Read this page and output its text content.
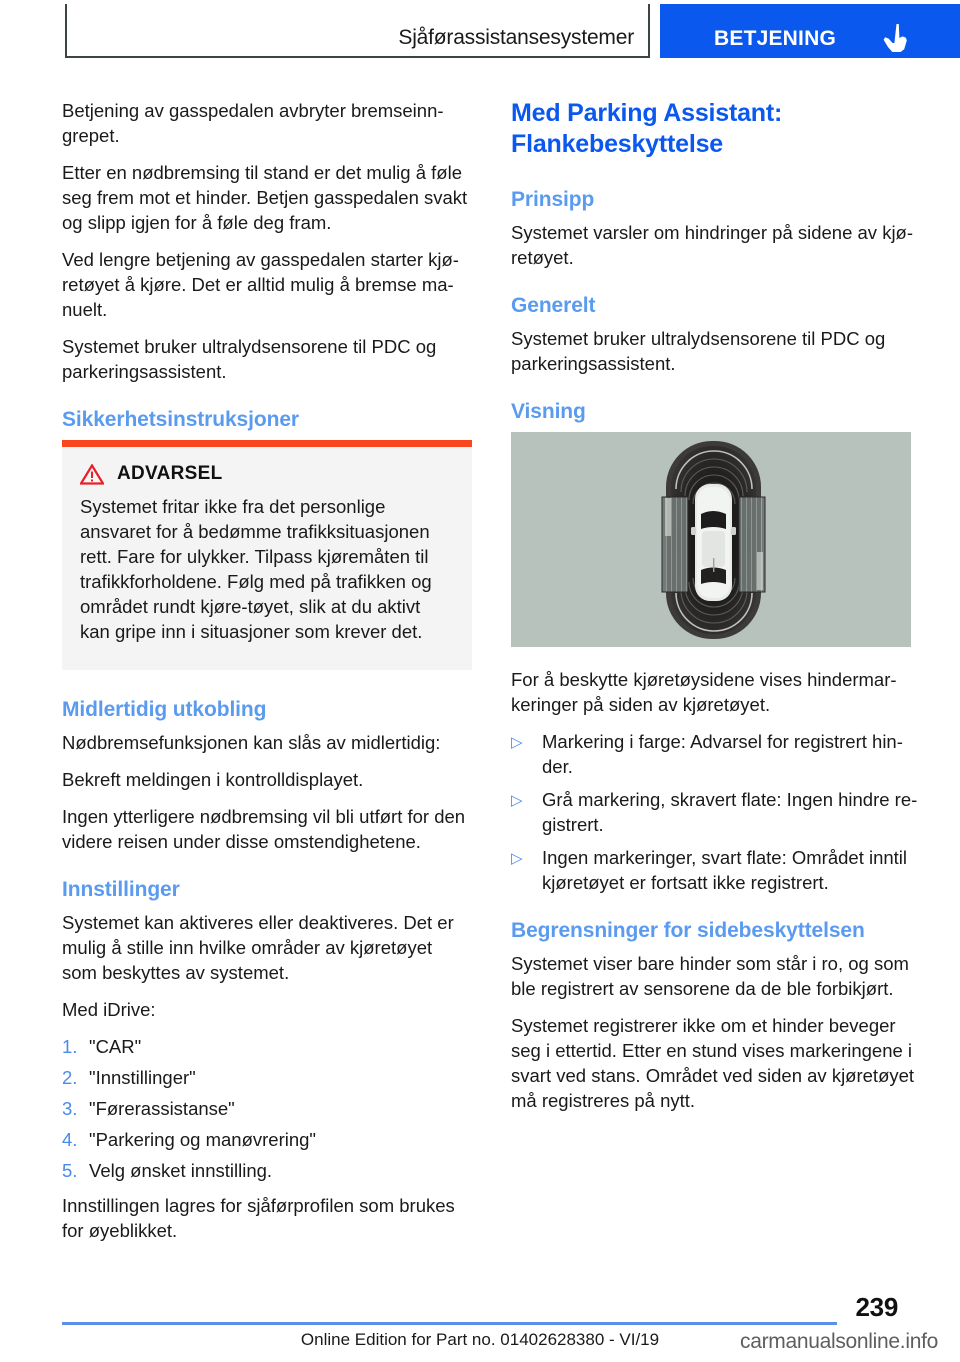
Sjåførassistansesystemer	BETJENING

Betjening av gasspedalen avbryter bremseinn-grepet.

Etter en nødbremsing til stand er det mulig å føle seg frem mot et hinder. Betjen gasspedalen svakt og slipp igjen for å føle deg fram.

Ved lengre betjening av gasspedalen starter kjø-retøyet å kjøre. Det er alltid mulig å bremse ma-nuelt.

Systemet bruker ultralydsensorene til PDC og parkeringsassistent.

Sikkerhetsinstruksjoner
ADVARSEL

Systemet fritar ikke fra det personlige ansvaret for å bedømme trafikksituasjonen rett. Fare for ulykker. Tilpass kjøremåten til trafikkforholdene. Følg med på trafikken og området rundt kjøre-tøyet, slik at du aktivt kan gripe inn i situasjoner som krever det.

Midlertidig utkobling

Nødbremsefunksjonen kan slås av midlertidig:

Bekreft meldingen i kontrolldisplayet.

Ingen ytterligere nødbremsing vil bli utført for den videre reisen under disse omstendighetene.

Innstillinger

Systemet kan aktiveres eller deaktiveres. Det er mulig å stille inn hvilke områder av kjøretøyet som beskyttes av systemet.

Med iDrive:

1. "CAR"
2. "Innstillinger"
3. "Førerassistanse"
4. "Parkering og manøvrering"
5. Velg ønsket innstilling.

Innstillingen lagres for sjåførprofilen som brukes for øyeblikket.

Med Parking Assistant: Flankebeskyttelse
Prinsipp

Systemet varsler om hindringer på sidene av kjø-retøyet.

Generelt

Systemet bruker ultralydsensorene til PDC og parkeringsassistent.

Visning

For å beskytte kjøretøysidene vises hindermar-keringer på siden av kjøretøyet.

▷	Markering i farge: Advarsel for registrert hin-der.
▷	Grå markering, skravert flate: Ingen hindre re-gistrert.
▷	Ingen markeringer, svart flate: Området inntil kjøretøyet er fortsatt ikke registrert.
Begrensninger for sidebeskyttelsen

Systemet viser bare hinder som står i ro, og som ble registrert av sensorene da de ble forbikjørt.

Systemet registrerer ikke om et hinder beveger seg i ettertid. Etter en stund vises markeringene i svart ved stans. Området ved siden av kjøretøyet må registreres på nytt.

239
Online Edition for Part no. 01402628380 - VI/19	carmanualsonline.info
